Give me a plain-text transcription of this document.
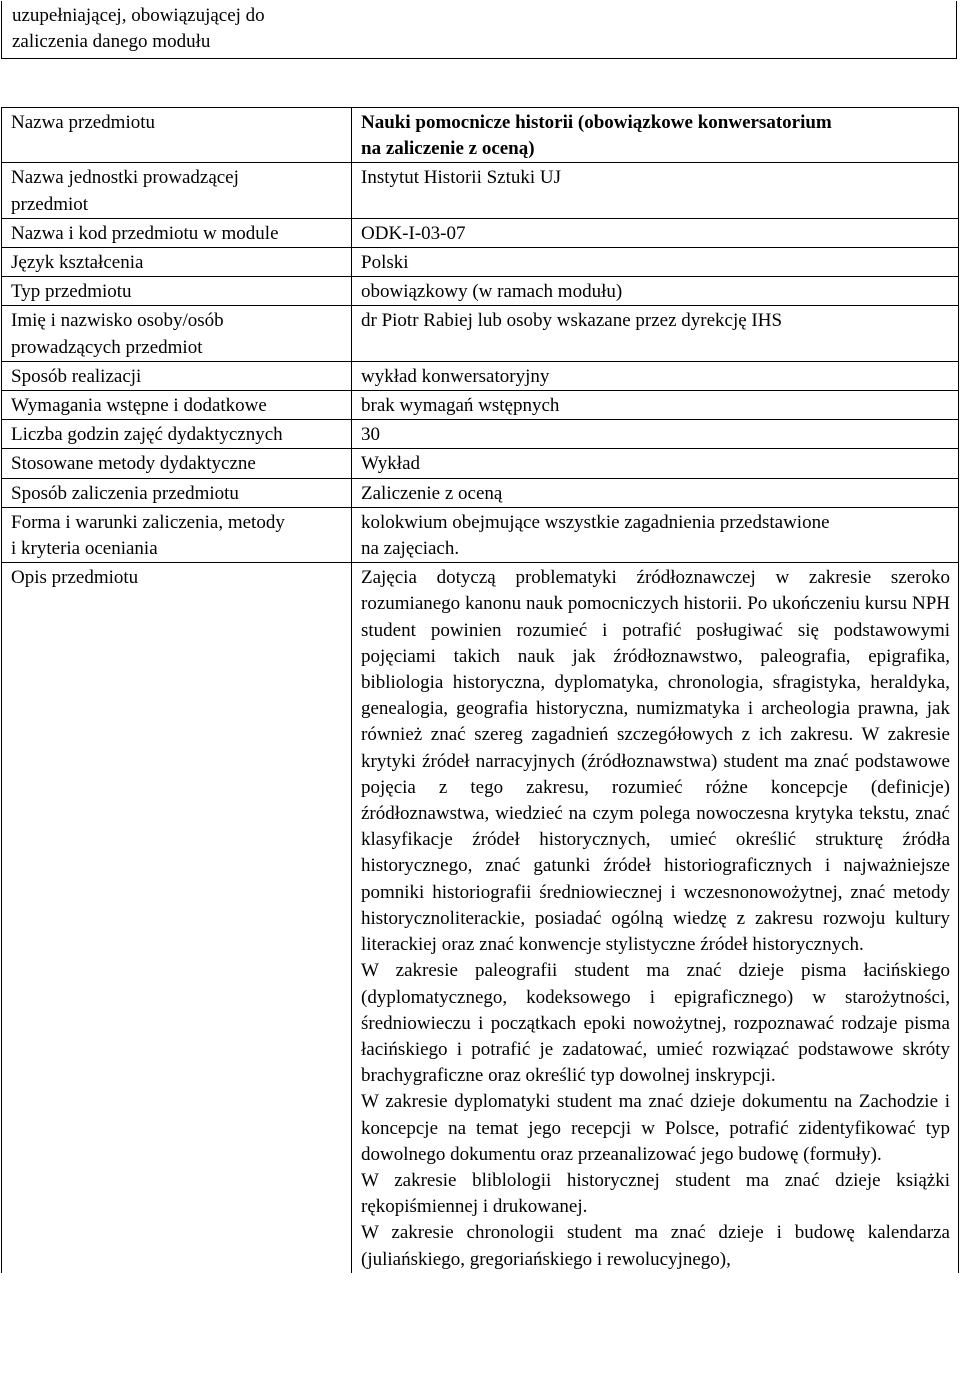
uzupełniającej, obowiązującej do
zaliczenia danego modułu
Nazwa przedmiotu	Nauki pomocnicze historii (obowiązkowe konwersatorium
na zaliczenie z oceną)

Nazwa jednostki prowadzącej
przedmiot	Instytut Historii Sztuki UJ
Nazwa i kod przedmiotu w module	ODK-I-03-07
Język kształcenia	Polski
Typ przedmiotu	obowiązkowy (w ramach modułu)

Imię i nazwisko osoby/osób
prowadzących przedmiot	dr Piotr Rabiej lub osoby wskazane przez dyrekcję IHS
Sposób realizacji	wykład konwersatoryjny
Wymagania wstępne i dodatkowe	brak wymagań wstępnych
Liczba godzin zajęć dydaktycznych	30
Stosowane metody dydaktyczne	Wykład
Sposób zaliczenia przedmiotu	Zaliczenie z oceną

Forma i warunki zaliczenia, metody
i kryteria oceniania	kolokwium obejmujące wszystkie zagadnienia przedstawione
na zajęciach.

Opis przedmiotu	Zajęcia dotyczą problematyki źródłoznawczej w zakresie szeroko rozumianego kanonu nauk pomocniczych historii. Po ukończeniu kursu NPH student powinien rozumieć i potrafić posługiwać się podstawowymi pojęciami takich nauk jak źródłoznawstwo, paleografia, epigrafika, bibliologia historyczna, dyplomatyka, chronologia, sfragistyka, heraldyka, genealogia, geografia historyczna, numizmatyka i archeologia prawna, jak również znać szereg zagadnień szczegółowych z ich zakresu. W zakresie krytyki źródeł narracyjnych (źródłoznawstwa) student ma znać podstawowe pojęcia z tego zakresu, rozumieć różne koncepcje (definicje) źródłoznawstwa, wiedzieć na czym polega nowoczesna krytyka tekstu, znać klasyfikacje źródeł historycznych, umieć określić strukturę źródła historycznego, znać gatunki źródeł historiograficznych i najważniejsze pomniki historiografii średniowiecznej i wczesnonowożytnej, znać metody historycznoliterackie, posiadać ogólną wiedzę z zakresu rozwoju kultury literackiej oraz znać konwencje stylistyczne źródeł historycznych.

W zakresie paleografii student ma znać dzieje pisma łacińskiego (dyplomatycznego, kodeksowego i epigraficznego) w starożytności, średniowieczu i początkach epoki nowożytnej, rozpoznawać rodzaje pisma łacińskiego i potrafić je zadatować, umieć rozwiązać podstawowe skróty brachygraficzne oraz określić typ dowolnej inskrypcji.

W zakresie dyplomatyki student ma znać dzieje dokumentu na Zachodzie i koncepcje na temat jego recepcji w Polsce, potrafić zidentyfikować typ dowolnego dokumentu oraz przeanalizować jego budowę (formuły).

W zakresie bliblologii historycznej student ma znać dzieje książki rękopiśmiennej i drukowanej.

W zakresie chronologii student ma znać dzieje i budowę kalendarza (juliańskiego, gregoriańskiego i rewolucyjnego),
